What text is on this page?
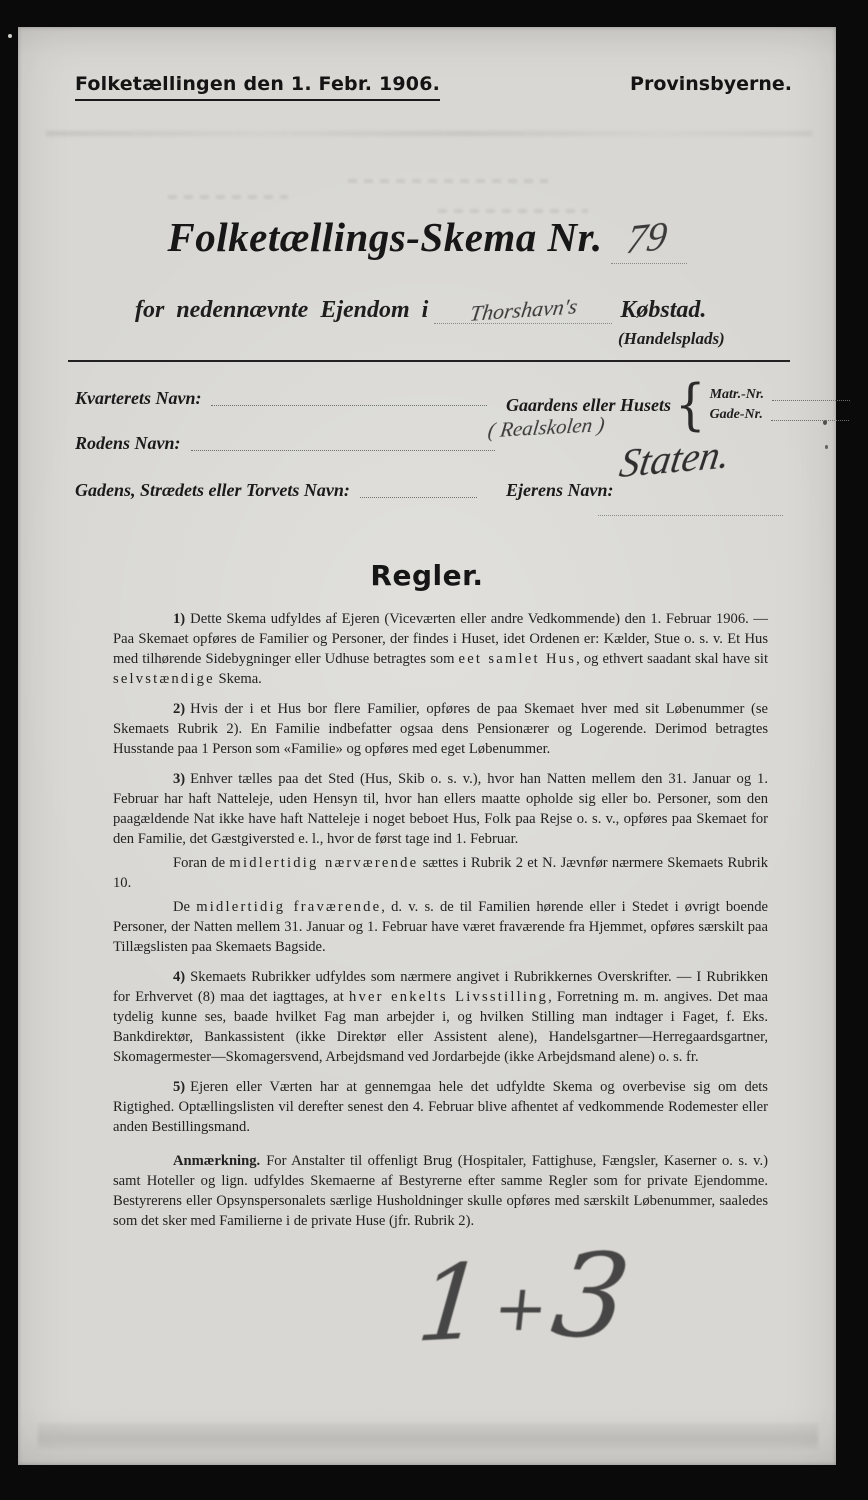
Folketællingen den 1. Febr. 1906.	Provinsbyerne.
Folketællings-Skema Nr. 79
for nedennævnte Ejendom i	Thorshavn's	Købstad.
(Handelsplads)
Kvarterets Navn:	Gaardens eller Husets { Matr.-Nr.
Gade-Nr.
( Realskolen )
Rodens Navn:
Gadens, Strædets eller Torvets Navn:	Ejerens Navn:
Staten.
Regler.

1) Dette Skema udfyldes af Ejeren (Viceværten eller andre Vedkommende) den 1. Februar 1906. — Paa Skemaet opføres de Familier og Personer, der findes i Huset, idet Ordenen er: Kælder, Stue o. s. v. Et Hus med tilhørende Sidebygninger eller Udhuse betragtes som eet samlet Hus, og ethvert saadant skal have sit selvstændige Skema.

2) Hvis der i et Hus bor flere Familier, opføres de paa Skemaet hver med sit Løbenummer (se Skemaets Rubrik 2). En Familie indbefatter ogsaa dens Pensionærer og Logerende. Derimod betragtes Husstande paa 1 Person som «Familie» og opføres med eget Løbenummer.

3) Enhver tælles paa det Sted (Hus, Skib o. s. v.), hvor han Natten mellem den 31. Januar og 1. Februar har haft Natteleje, uden Hensyn til, hvor han ellers maatte opholde sig eller bo. Personer, som den paagældende Nat ikke have haft Natteleje i noget beboet Hus, Folk paa Rejse o. s. v., opføres paa Skemaet for den Familie, det Gæstgiversted e. l., hvor de først tage ind 1. Februar.

Foran de midlertidig nærværende sættes i Rubrik 2 et N. Jævnfør nærmere Skemaets Rubrik 10.

De midlertidig fraværende, d. v. s. de til Familien hørende eller i Stedet i øvrigt boende Personer, der Natten mellem 31. Januar og 1. Februar have været fraværende fra Hjemmet, opføres særskilt paa Tillægslisten paa Skemaets Bagside.

4) Skemaets Rubrikker udfyldes som nærmere angivet i Rubrikkernes Overskrifter. — I Rubrikken for Erhvervet (8) maa det iagttages, at hver enkelts Livsstilling, Forretning m. m. angives. Det maa tydelig kunne ses, baade hvilket Fag man arbejder i, og hvilken Stilling man indtager i Faget, f. Eks. Bankdirektør, Bankassistent (ikke Direktør eller Assistent alene), Handelsgartner—Herregaardsgartner, Skomagermester—Skomagersvend, Arbejdsmand ved Jordarbejde (ikke Arbejdsmand alene) o. s. fr.

5) Ejeren eller Værten har at gennemgaa hele det udfyldte Skema og overbevise sig om dets Rigtighed. Optællingslisten vil derefter senest den 4. Februar blive afhentet af vedkommende Rodemester eller anden Bestillingsmand.

Anmærkning. For Anstalter til offenligt Brug (Hospitaler, Fattighuse, Fængsler, Kaserner o. s. v.) samt Hoteller og lign. udfyldes Skemaerne af Bestyrerne efter samme Regler som for private Ejendomme. Bestyrerens eller Opsynspersonalets særlige Husholdninger skulle opføres med særskilt Løbenummer, saaledes som det sker med Familierne i de private Huse (jfr. Rubrik 2).

1 +
3
